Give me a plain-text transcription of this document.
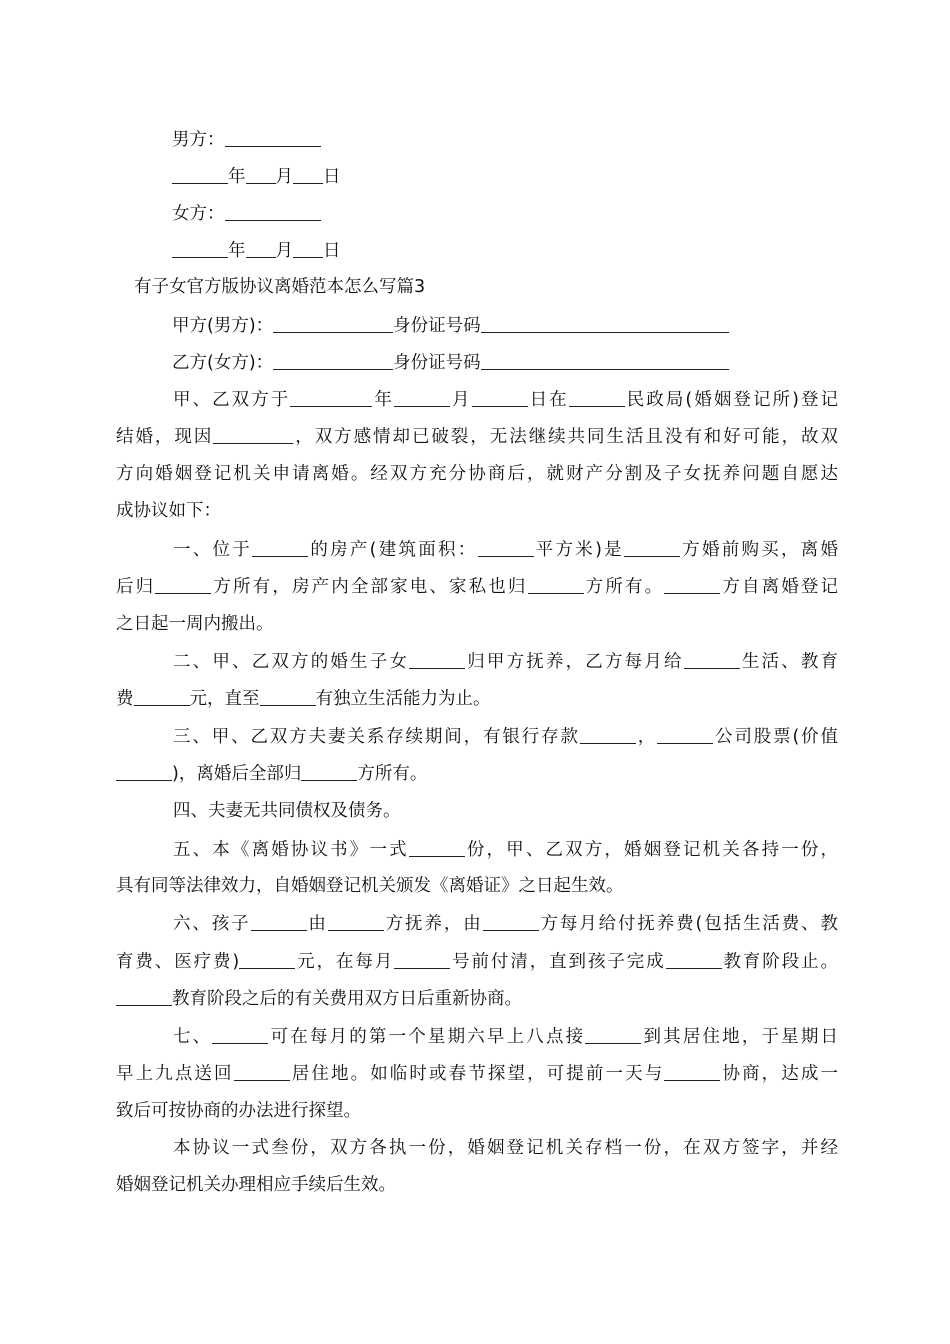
男方：
年 月 日
女方：
年 月 日
有子女官方版协议离婚范本怎么写篇3
甲方(男方)：	身份证号码
乙方(女方)：	身份证号码
甲、乙双方于	年	月	日在	民政局(婚姻登记所)登记
结婚，现因	，双方感情却已破裂，无法继续共同生活且没有和好可能，故双
方向婚姻登记机关申请离婚。经双方充分协商后，就财产分割及子女抚养问题自愿达
成协议如下：
一、位于	的房产(建筑面积：	平方米)是	方婚前购买，离婚
后归	方所有，房产内全部家电、家私也归	方所有。	方自离婚登记
之日起一周内搬出。
二、甲、乙双方的婚生子女	归甲方抚养，乙方每月给	生活、教育
费	元，直至	有独立生活能力为止。
三、甲、乙双方夫妻关系存续期间，有银行存款	，	公司股票(价值
)，离婚后全部归	方所有。
四、夫妻无共同债权及债务。
五、本《离婚协议书》一式	份，甲、乙双方，婚姻登记机关各持一份，
具有同等法律效力，自婚姻登记机关颁发《离婚证》之日起生效。
六、孩子	由	方抚养，由	方每月给付抚养费(包括生活费、教
育费、医疗费)	元，在每月	号前付清，直到孩子完成	教育阶段止。
教育阶段之后的有关费用双方日后重新协商。
七、	可在每月的第一个星期六早上八点接	到其居住地，于星期日
早上九点送回	居住地。如临时或春节探望，可提前一天与	协商，达成一
致后可按协商的办法进行探望。
本协议一式叁份，双方各执一份，婚姻登记机关存档一份，在双方签字，并经
婚姻登记机关办理相应手续后生效。
